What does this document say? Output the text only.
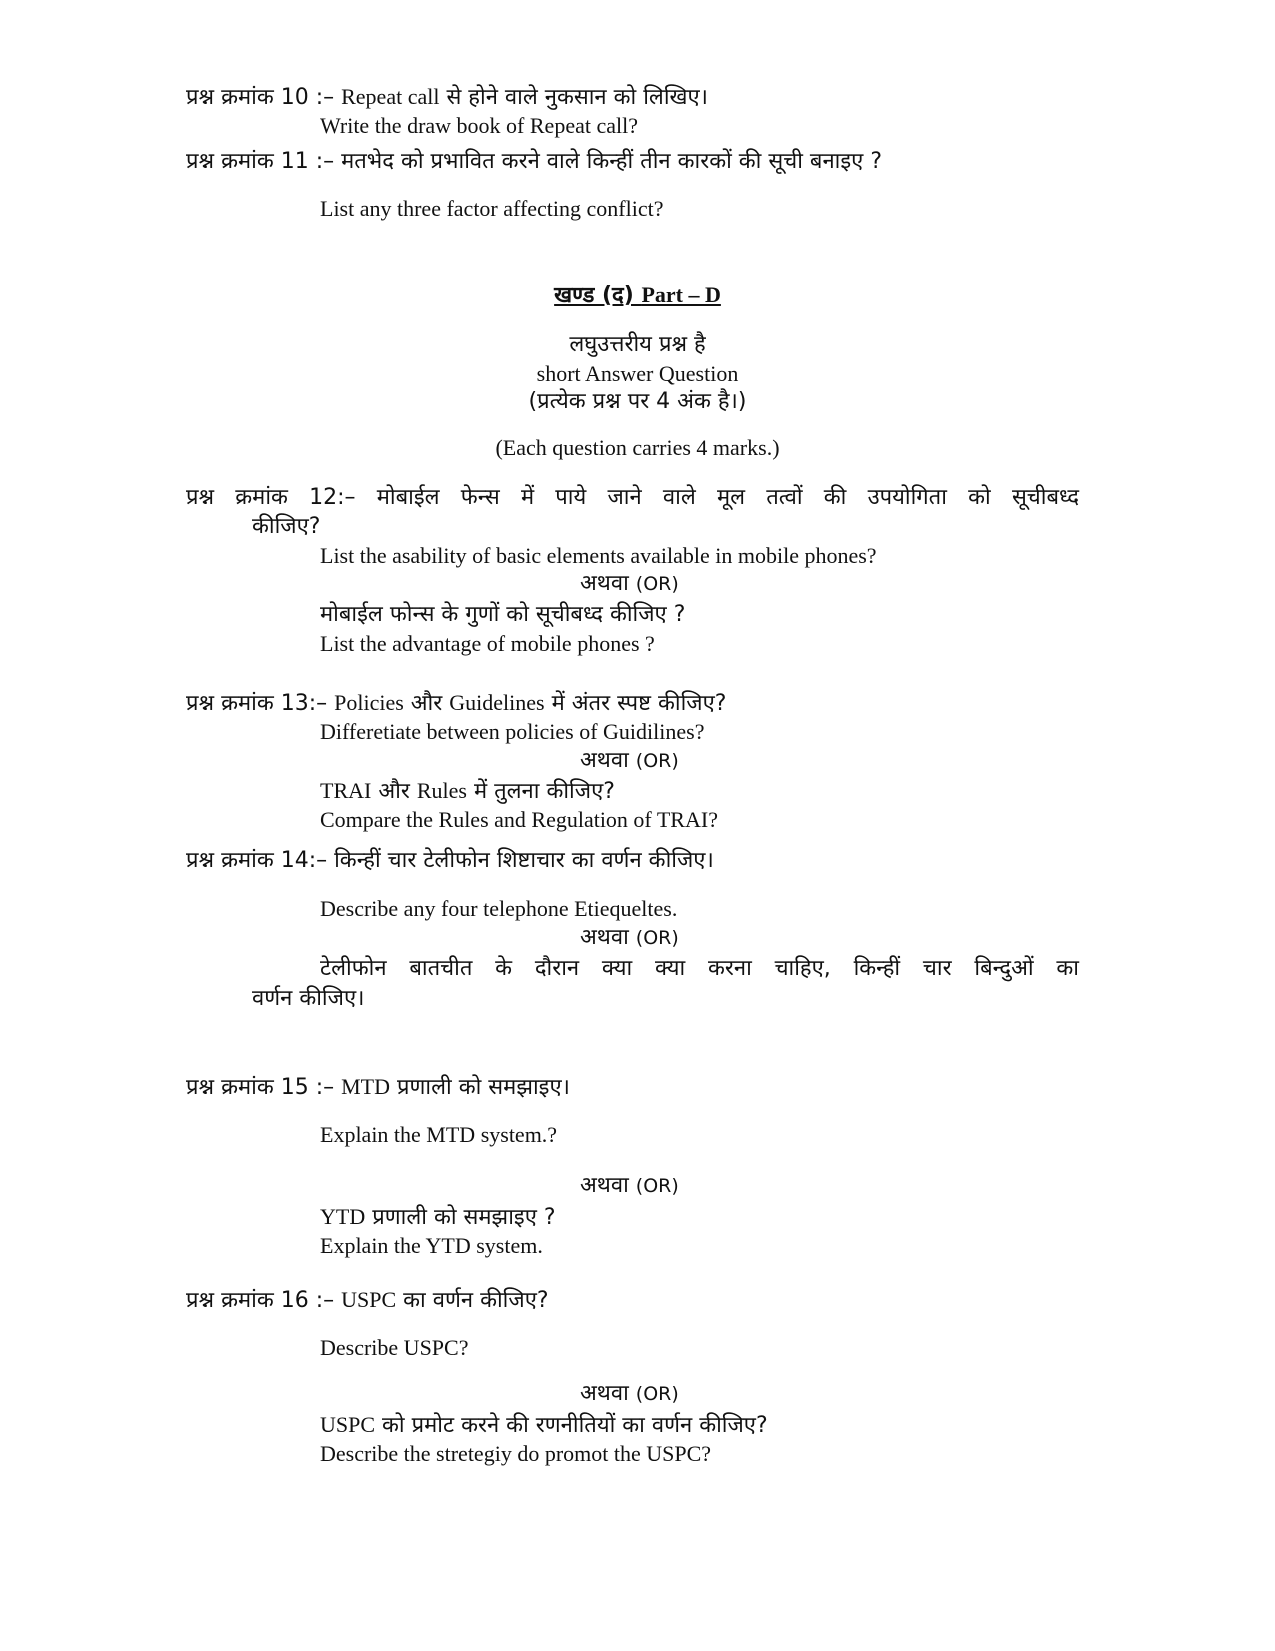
प्रश्न क्रमांक 10 :– Repeat call से होने वाले नुकसान को लिखिए।
Write the draw book of Repeat call?
प्रश्न क्रमांक 11 :– मतभेद को प्रभावित करने वाले किन्हीं तीन कारकों की सूची बनाइए ?
List any three factor affecting conflict?
खण्ड (द) Part – D
लघुउत्तरीय प्रश्न है
short Answer Question
(प्रत्येक प्रश्न पर 4 अंक है।)
(Each question carries 4 marks.)
प्रश्न क्रमांक 12:– मोबाईल फेन्स में पाये जाने वाले मूल तत्वों की उपयोगिता को सूचीबध्द
कीजिए?
List the asability of basic elements available in mobile phones?
अथवा (OR)
मोबाईल फोन्स के गुणों को सूचीबध्द कीजिए ?
List the advantage of mobile phones ?
प्रश्न क्रमांक 13:– Policies और Guidelines में अंतर स्पष्ट कीजिए?
Differetiate between policies of Guidilines?
अथवा (OR)
TRAI और Rules में तुलना कीजिए?
Compare the Rules and Regulation of TRAI?
प्रश्न क्रमांक 14:– किन्हीं चार टेलीफोन शिष्टाचार का वर्णन कीजिए।
Describe any four telephone Etiequeltes.
अथवा (OR)
टेलीफोन बातचीत के दौरान क्या क्या करना चाहिए, किन्हीं चार बिन्दुओं का
वर्णन कीजिए।
प्रश्न क्रमांक 15 :– MTD प्रणाली को समझाइए।
Explain the MTD system.?
अथवा (OR)
YTD प्रणाली को समझाइए ?
Explain the YTD system.
प्रश्न क्रमांक 16 :– USPC का वर्णन कीजिए?
Describe USPC?
अथवा (OR)
USPC को प्रमोट करने की रणनीतियों का वर्णन कीजिए?
Describe the stretegiy do promot the USPC?
